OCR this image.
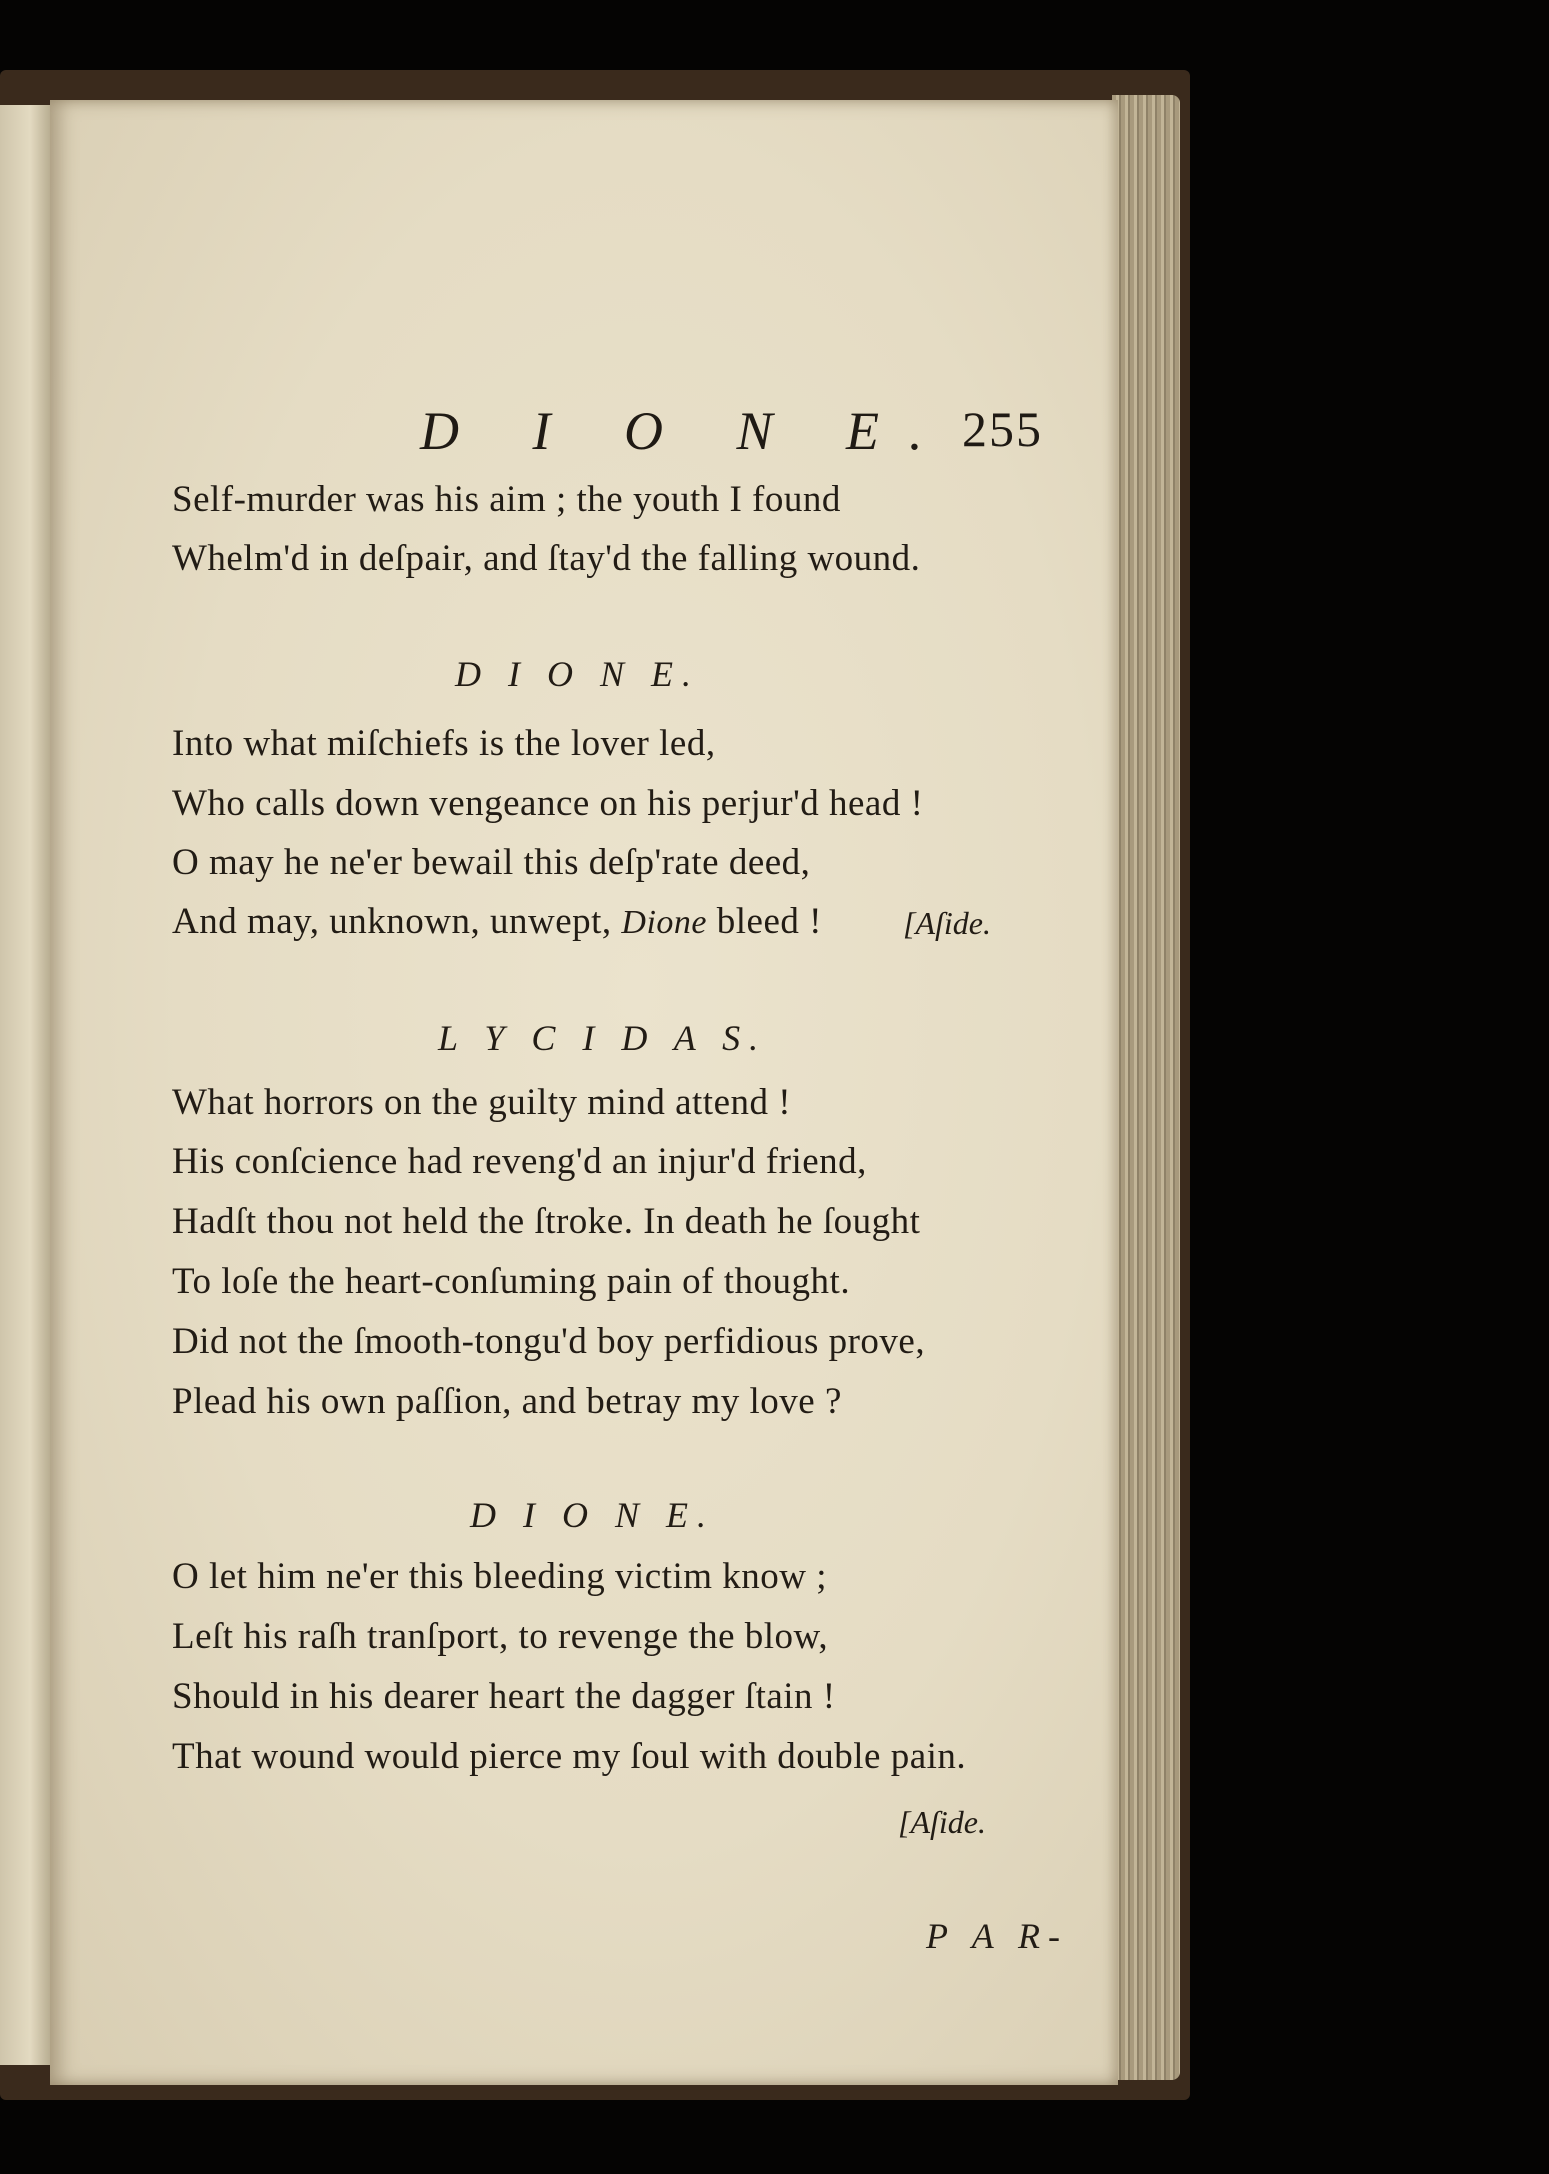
D I O N E. 255
Self-murder was his aim ; the youth I found
Whelm'd in deſpair, and ſtay'd the falling wound.
D I O N E.
Into what miſchiefs is the lover led,
Who calls down vengeance on his perjur'd head !
O may he ne'er bewail this deſp'rate deed,
And may, unknown, unwept, Dione bleed !	[Aſide.
L Y C I D A S.
What horrors on the guilty mind attend !
His conſcience had reveng'd an injur'd friend,
Hadſt thou not held the ſtroke. In death he ſought
To loſe the heart-conſuming pain of thought.
Did not the ſmooth-tongu'd boy perfidious prove,
Plead his own paſſion, and betray my love ?
D I O N E.
O let him ne'er this bleeding victim know ;
Leſt his raſh tranſport, to revenge the blow,
Should in his dearer heart the dagger ſtain !
That wound would pierce my ſoul with double pain.
[Aſide.
P A R-
